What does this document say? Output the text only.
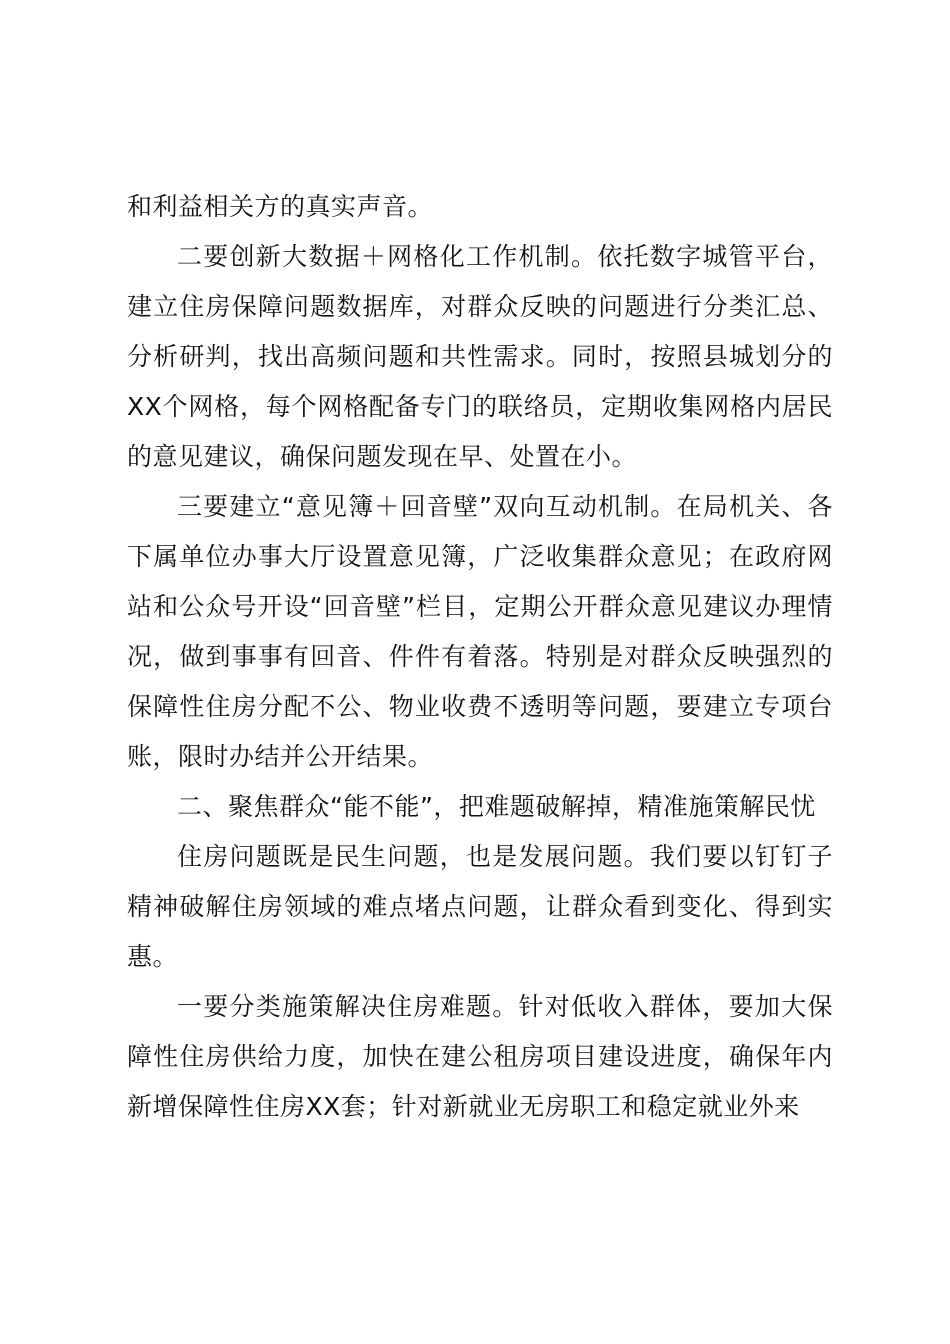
和利益相关方的真实声音。

二要创新大数据＋网格化工作机制。依托数字城管平台，建立住房保障问题数据库，对群众反映的问题进行分类汇总、分析研判，找出高频问题和共性需求。同时，按照县城划分的XX个网格，每个网格配备专门的联络员，定期收集网格内居民的意见建议，确保问题发现在早、处置在小。

三要建立“意见簿＋回音壁”双向互动机制。在局机关、各下属单位办事大厅设置意见簿，广泛收集群众意见；在政府网站和公众号开设“回音壁”栏目，定期公开群众意见建议办理情况，做到事事有回音、件件有着落。特别是对群众反映强烈的保障性住房分配不公、物业收费不透明等问题，要建立专项台账，限时办结并公开结果。

二、聚焦群众“能不能”，把难题破解掉，精准施策解民忧

住房问题既是民生问题，也是发展问题。我们要以钉钉子精神破解住房领域的难点堵点问题，让群众看到变化、得到实惠。

一要分类施策解决住房难题。针对低收入群体，要加大保障性住房供给力度，加快在建公租房项目建设进度，确保年内新增保障性住房XX套；针对新就业无房职工和稳定就业外来
